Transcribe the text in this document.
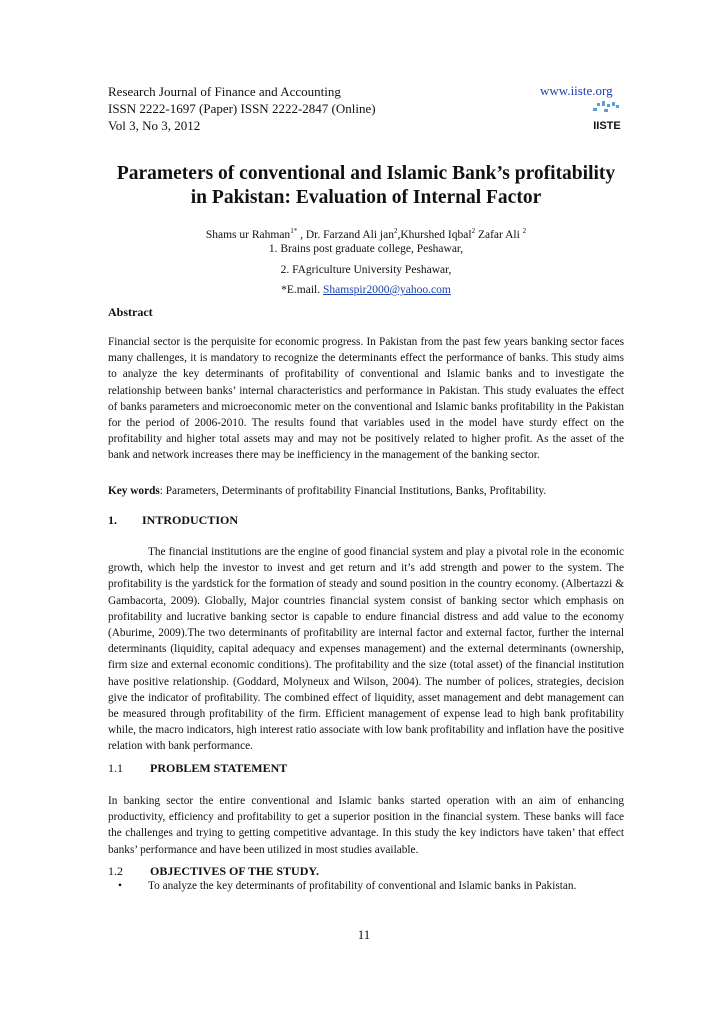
Research Journal of Finance and Accounting
ISSN 2222-1697 (Paper) ISSN 2222-2847 (Online)
Vol 3, No 3, 2012
www.iiste.org
IISTE
Parameters of conventional and Islamic Bank’s profitability in Pakistan: Evaluation of Internal Factor
Shams ur Rahman$^{1*}$ , Dr. Farzand Ali jan$^2$,Khurshed Iqbal$^2$ Zafar Ali $^2$
1. Brains post graduate college, Peshawar,
2. FAgriculture University Peshawar,
*E.mail. Shamspir2000@yahoo.com
Abstract
Financial sector is the perquisite for economic progress. In Pakistan from the past few years banking sector faces many challenges, it is mandatory to recognize the determinants effect the performance of banks. This study aims to analyze the key determinants of profitability of conventional and Islamic banks and to investigate the relationship between banks’ internal characteristics and performance in Pakistan. This study evaluates the effect of banks parameters and microeconomic meter on the conventional and Islamic banks profitability in the Pakistan for the period of 2006-2010. The results found that variables used in the model have sturdy effect on the profitability and higher total assets may and may not be positively related to higher profit. As the asset of the bank and network increases there may be inefficiency in the management of the banking sector.
Key words: Parameters, Determinants of profitability Financial Institutions, Banks, Profitability.
1. INTRODUCTION
The financial institutions are the engine of good financial system and play a pivotal role in the economic growth, which help the investor to invest and get return and it’s add strength and power to the system. The profitability is the yardstick for the formation of steady and sound position in the country economy. (Albertazzi & Gambacorta, 2009). Globally, Major countries financial system consist of banking sector which emphasis on profitability and lucrative banking sector is capable to endure financial distress and add value to the economy (Aburime, 2009).The two determinants of profitability are internal factor and external factor, further the internal determinants (liquidity, capital adequacy and expenses management) and the external determinants (ownership, firm size and external economic conditions). The profitability and the size (total asset) of the financial institution have positive relationship. (Goddard, Molyneux and Wilson, 2004). The number of polices, strategies, decision give the indicator of profitability. The combined effect of liquidity, asset management and debt management can be measured through profitability of the firm. Efficient management of expense lead to high bank profitability while, the macro indicators, high interest ratio associate with low bank profitability and inflation have the positive relation with bank performance.
1.1 PROBLEM STATEMENT
In banking sector the entire conventional and Islamic banks started operation with an aim of enhancing productivity, efficiency and profitability to get a superior position in the financial system. These banks will face the challenges and trying to getting competitive advantage. In this study the key indictors have taken’ that effect banks’ performance and have been utilized in most studies available.
1.2 OBJECTIVES OF THE STUDY.
• To analyze the key determinants of profitability of conventional and Islamic banks in Pakistan.
11
